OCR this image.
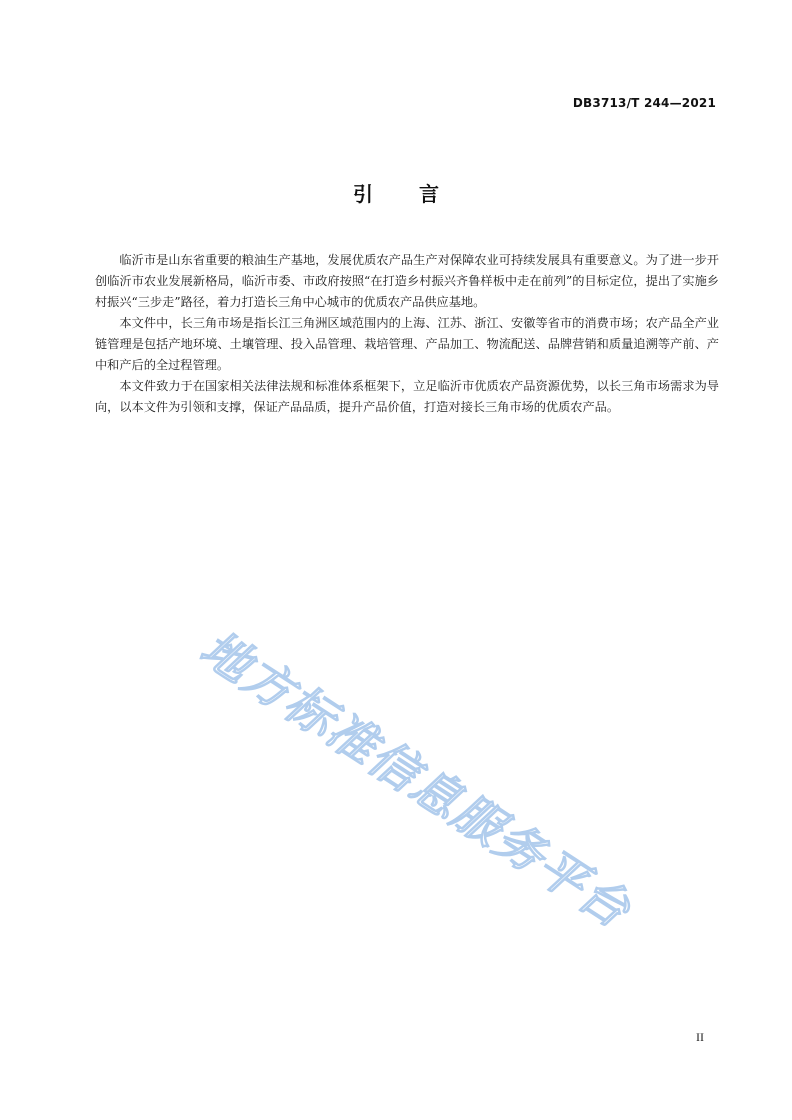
DB3713/T 244—2021
引 言

临沂市是山东省重要的粮油生产基地，发展优质农产品生产对保障农业可持续发展具有重要意义。为了进一步开创临沂市农业发展新格局，临沂市委、市政府按照“在打造乡村振兴齐鲁样板中走在前列”的目标定位，提出了实施乡村振兴“三步走”路径，着力打造长三角中心城市的优质农产品供应基地。

本文件中，长三角市场是指长江三角洲区域范围内的上海、江苏、浙江、安徽等省市的消费市场；农产品全产业链管理是包括产地环境、土壤管理、投入品管理、栽培管理、产品加工、物流配送、品牌营销和质量追溯等产前、产中和产后的全过程管理。

本文件致力于在国家相关法律法规和标准体系框架下，立足临沂市优质农产品资源优势，以长三角市场需求为导向，以本文件为引领和支撑，保证产品品质，提升产品价值，打造对接长三角市场的优质农产品。

地方标准信息服务平台
II
